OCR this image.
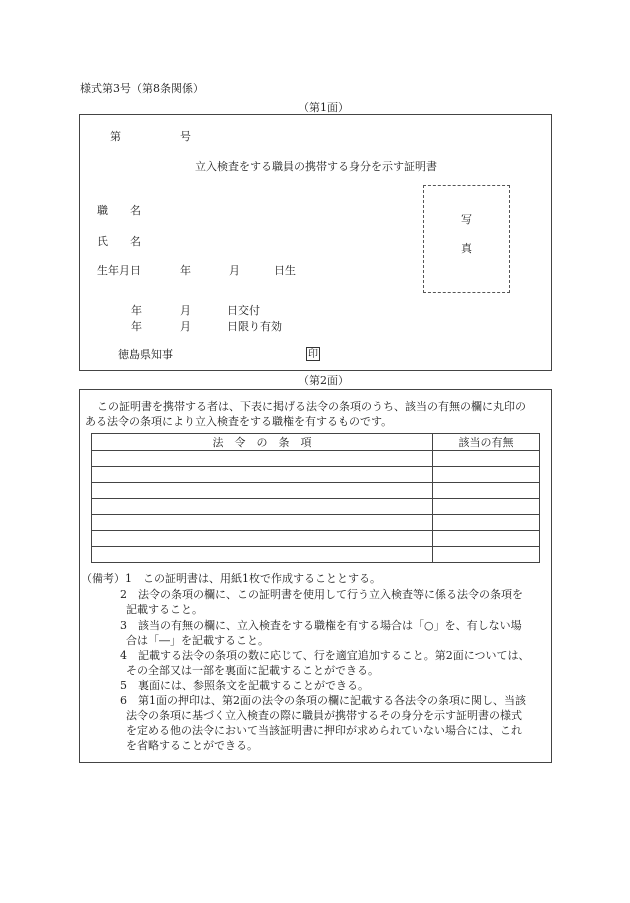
様式第3号（第8条関係）
（第1面）
第	号
立入検査をする職員の携帯する身分を示す証明書
職　　名
氏　　名
生年月日	年	月	日生
写
真
年	月	日交付
年	月	日限り有効
徳島県知事	印
（第2面）
この証明書を携帯する者は、下表に掲げる法令の条項のうち、該当の有無の欄に丸印の
ある法令の条項により立入検査をする職権を有するものです。
法　令　の　条　項	該当の有無

（備考）1　この証明書は、用紙1枚で作成することとする。
2　法令の条項の欄に、この証明書を使用して行う立入検査等に係る法令の条項を
記載すること。
3　該当の有無の欄に、立入検査をする職権を有する場合は「○」を、有しない場
合は「―」を記載すること。
4　記載する法令の条項の数に応じて、行を適宜追加すること。第2面については、
その全部又は一部を裏面に記載することができる。
5　裏面には、参照条文を記載することができる。
6　第1面の押印は、第2面の法令の条項の欄に記載する各法令の条項に関し、当該
法令の条項に基づく立入検査の際に職員が携帯するその身分を示す証明書の様式
を定める他の法令において当該証明書に押印が求められていない場合には、これ
を省略することができる。
